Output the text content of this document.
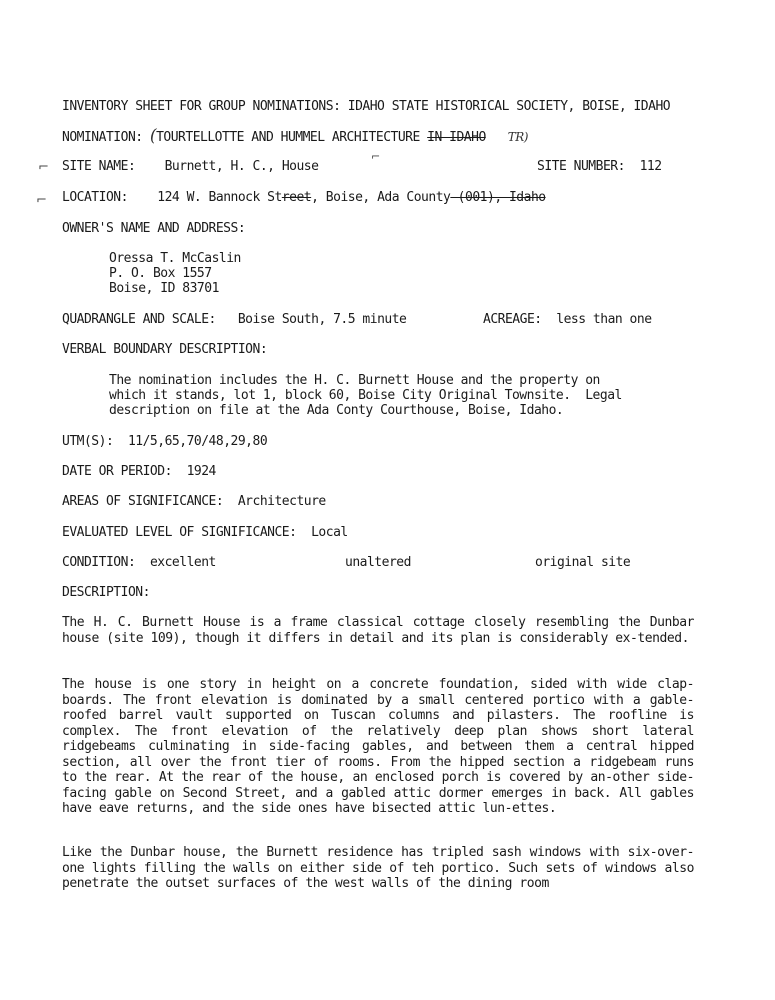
INVENTORY SHEET FOR GROUP NOMINATIONS: IDAHO STATE HISTORICAL SOCIETY, BOISE, IDAHO
NOMINATION: (TOURTELLOTTE AND HUMMEL ARCHITECTURE IN IDAHO TR)
⌐ SITE NAME: Burnett, H. C., House	SITE NUMBER: 112
⌐
⌐ LOCATION: 124 W. Bannock Street, Boise, Ada County (001), Idaho
OWNER'S NAME AND ADDRESS:
Oressa T. McCaslin
P. O. Box 1557
Boise, ID 83701
QUADRANGLE AND SCALE: Boise South, 7.5 minute	ACREAGE: less than one
VERBAL BOUNDARY DESCRIPTION:
The nomination includes the H. C. Burnett House and the property on
which it stands, lot 1, block 60, Boise City Original Townsite.  Legal
description on file at the Ada Conty Courthouse, Boise, Idaho.
UTM(S): 11/5,65,70/48,29,80
DATE OR PERIOD: 1924
AREAS OF SIGNIFICANCE: Architecture
EVALUATED LEVEL OF SIGNIFICANCE: Local
CONDITION: excellent	unaltered	original site
DESCRIPTION:
The H. C. Burnett House is a frame classical cottage closely resembling the Dunbar house (site 109), though it differs in detail and its plan is considerably ex-tended.
The house is one story in height on a concrete foundation, sided with wide clap-boards. The front elevation is dominated by a small centered portico with a gable-roofed barrel vault supported on Tuscan columns and pilasters. The roofline is complex. The front elevation of the relatively deep plan shows short lateral ridgebeams culminating in side-facing gables, and between them a central hipped section, all over the front tier of rooms. From the hipped section a ridgebeam runs to the rear. At the rear of the house, an enclosed porch is covered by an-other side-facing gable on Second Street, and a gabled attic dormer emerges in back. All gables have eave returns, and the side ones have bisected attic lun-ettes.
Like the Dunbar house, the Burnett residence has tripled sash windows with six-over-one lights filling the walls on either side of teh portico. Such sets of windows also penetrate the outset surfaces of the west walls of the dining room
